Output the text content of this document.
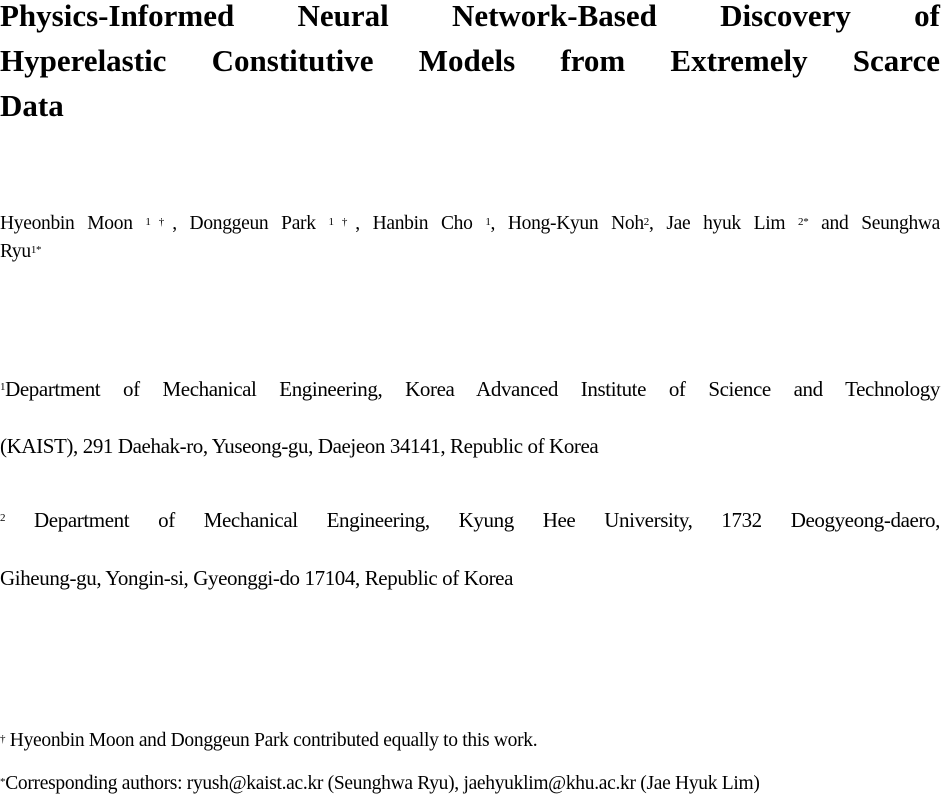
Physics-Informed Neural Network-Based Discovery of
Hyperelastic Constitutive Models from Extremely Scarce
Data
Hyeonbin Moon $^{1\dagger}$, Donggeun Park $^{1\dagger}$, Hanbin Cho $^1$, Hong-Kyun Noh$^2$, Jae hyuk Lim $^{2*}$ and Seunghwa
Ryu$^{1*}$
$^1$Department of Mechanical Engineering, Korea Advanced Institute of Science and Technology
(KAIST), 291 Daehak-ro, Yuseong-gu, Daejeon 34141, Republic of Korea
$^2$ Department of Mechanical Engineering, Kyung Hee University, 1732 Deogyeong-daero,
Giheung-gu, Yongin-si, Gyeonggi-do 17104, Republic of Korea
† Hyeonbin Moon and Donggeun Park contributed equally to this work.
*Corresponding authors: ryush@kaist.ac.kr (Seunghwa Ryu), jaehyuklim@khu.ac.kr (Jae Hyuk Lim)
